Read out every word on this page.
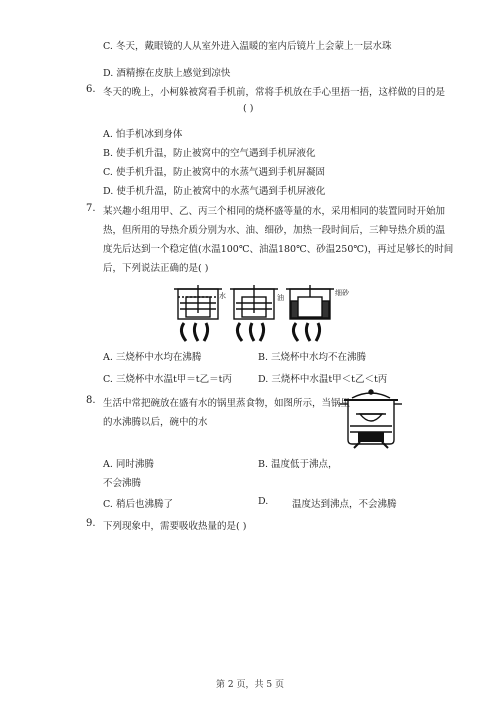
C. 冬天，戴眼镜的人从室外进入温暖的室内后镜片上会蒙上一层水珠
D. 酒精擦在皮肤上感觉到凉快
6. 冬天的晚上，小柯躲被窝看手机前，常将手机放在手心里捂一捂，这样做的目的是
( )
A. 怕手机冰到身体
B. 使手机升温，防止被窝中的空气遇到手机屏液化
C. 使手机升温，防止被窝中的水蒸气遇到手机屏凝固
D. 使手机升温，防止被窝中的水蒸气遇到手机屏液化
7. 某兴趣小组用甲、乙、丙三个相同的烧杯盛等量的水，采用相同的装置同时开始加
热，但所用的导热介质分别为水、油、细砂，加热一段时间后，三种导热介质的温
度先后达到一个稳定值(水温100℃、油温180℃、砂温250℃)，再过足够长的时间
后，下列说法正确的是( )
水	油
细砂
A. 三烧杯中水均在沸腾	B. 三烧杯中水均不在沸腾
C. 三烧杯中水温t甲＝t乙＝t丙	D. 三烧杯中水温t甲＜t乙＜t丙
8. 生活中常把碗放在盛有水的锅里蒸食物，如图所示，当锅里
的水沸腾以后，碗中的水
A. 同时沸腾	B. 温度低于沸点，
不会沸腾
C. 稍后也沸腾了	D. 温度达到沸点，不会沸腾
9. 下列现象中，需要吸收热量的是( )
第 2 页，共 5 页
